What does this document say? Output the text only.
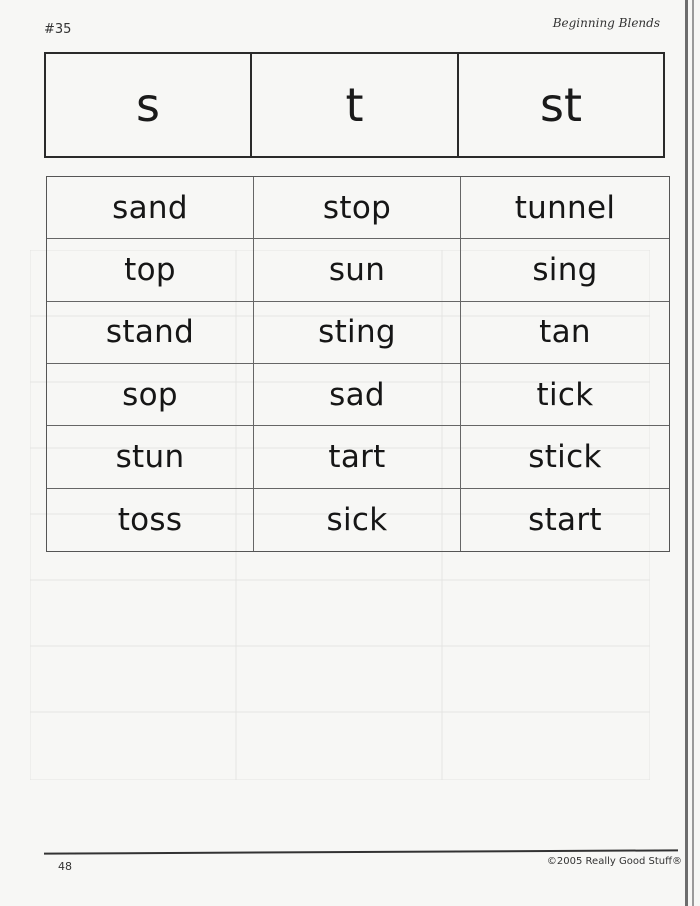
#35	Beginning Blends
s	t	st
sand	stop	tunnel
top	sun	sing
stand	sting	tan
sop	sad	tick
stun	tart	stick
toss	sick	start
48	©2005 Really Good Stuff®
